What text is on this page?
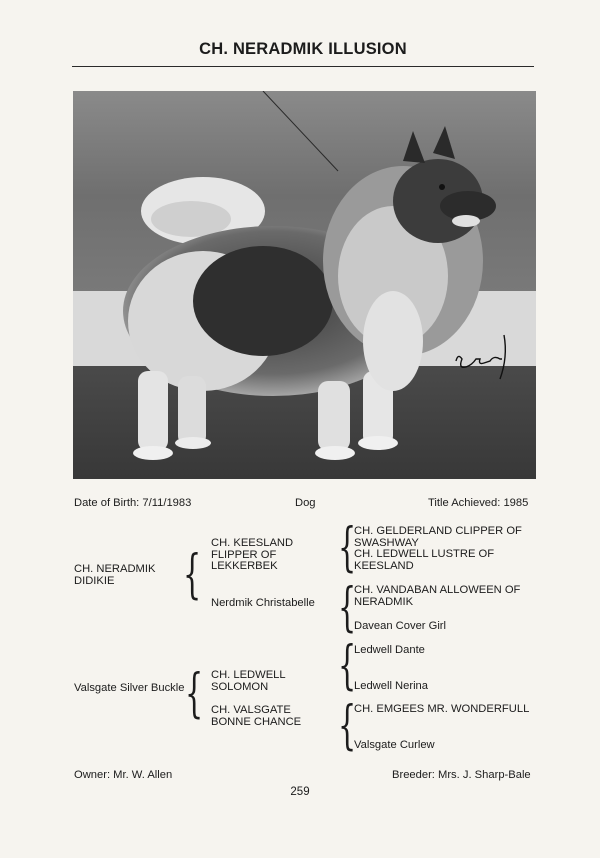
CH. NERADMIK ILLUSION
Date of Birth: 7/11/1983	Dog	Title Achieved: 1985
CH. NERADMIK DIDIKIE	{
CH. KEESLAND FLIPPER OF LEKKERBEK
Nerdmik Christabelle
{
CH. GELDERLAND CLIPPER OF SWASHWAY
CH. LEDWELL LUSTRE OF KEESLAND
{
CH. VANDABAN ALLOWEEN OF NERADMIK
Davean Cover Girl
Valsgate Silver Buckle { CH. LEDWELL SOLOMON
CH. VALSGATE BONNE CHANCE
{
Ledwell Dante
Ledwell Nerina
{
CH. EMGEES MR. WONDERFULL
Valsgate Curlew
Owner: Mr. W. Allen	Breeder: Mrs. J. Sharp-Bale
259
